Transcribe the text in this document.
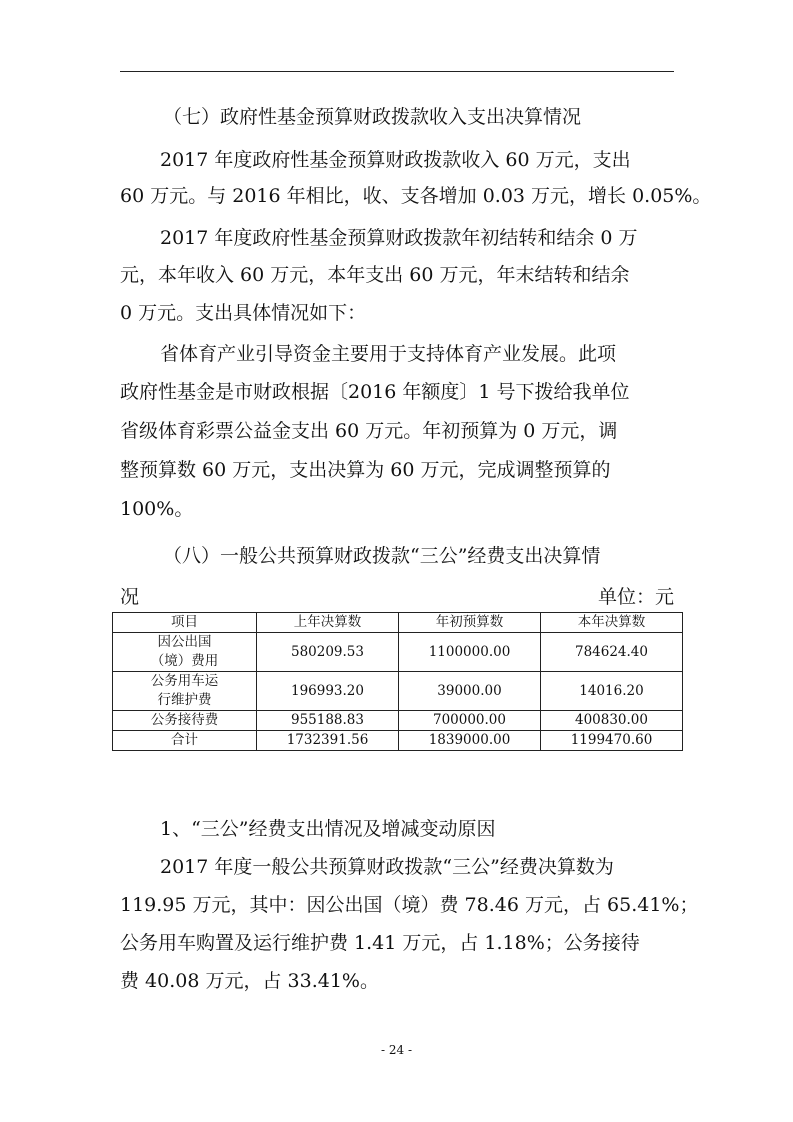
（七）政府性基金预算财政拨款收入支出决算情况
2017 年度政府性基金预算财政拨款收入 60 万元，支出
60 万元。与 2016 年相比，收、支各增加 0.03 万元，增长 0.05%。
2017 年度政府性基金预算财政拨款年初结转和结余 0 万
元，本年收入 60 万元，本年支出 60 万元，年末结转和结余
0 万元。支出具体情况如下：
省体育产业引导资金主要用于支持体育产业发展。此项
政府性基金是市财政根据〔2016 年额度〕1 号下拨给我单位
省级体育彩票公益金支出 60 万元。年初预算为 0 万元，调
整预算数 60 万元，支出决算为 60 万元，完成调整预算的
100%。
（八）一般公共预算财政拨款“三公”经费支出决算情
况	单位：元
项目	上年决算数	年初预算数	本年决算数

因公出国
（境）费用	580209.53	1100000.00	784624.40

公务用车运
行维护费	196993.20	39000.00	14016.20
公务接待费	955188.83	700000.00	400830.00
合计	1732391.56	1839000.00	1199470.60
1、“三公”经费支出情况及增减变动原因
2017 年度一般公共预算财政拨款“三公”经费决算数为
119.95 万元，其中：因公出国（境）费 78.46 万元，占 65.41%；
公务用车购置及运行维护费 1.41 万元，占 1.18%；公务接待
费 40.08 万元，占 33.41%。
- 24 -
